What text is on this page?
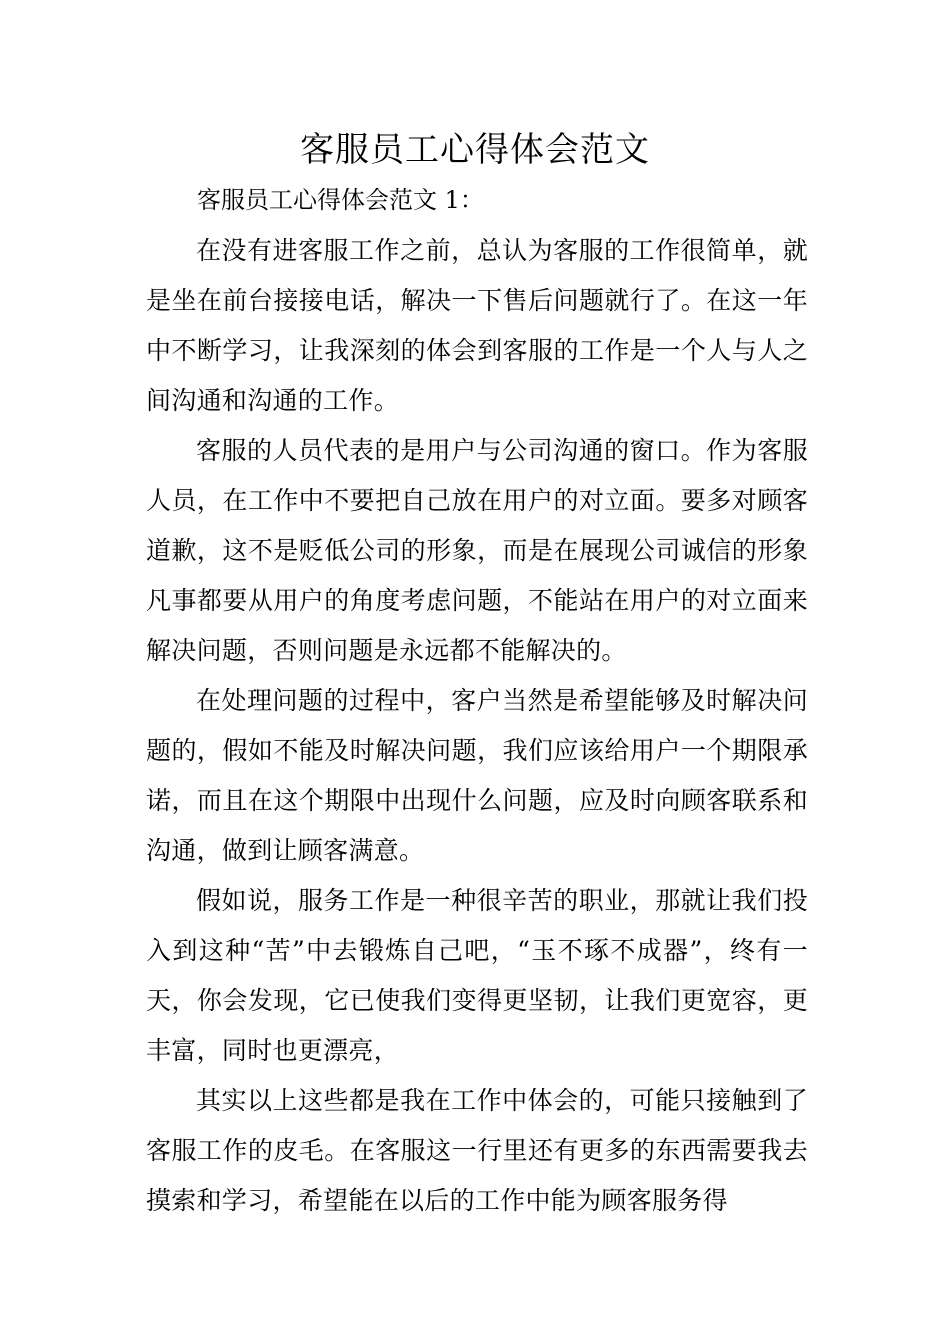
客服员工心得体会范文
客服员工心得体会范文 1：

在没有进客服工作之前，总认为客服的工作很简单，就是坐在前台接接电话，解决一下售后问题就行了。在这一年中不断学习，让我深刻的体会到客服的工作是一个人与人之间沟通和沟通的工作。

客服的人员代表的是用户与公司沟通的窗口。作为客服人员，在工作中不要把自己放在用户的对立面。要多对顾客道歉，这不是贬低公司的形象，而是在展现公司诚信的形象凡事都要从用户的角度考虑问题，不能站在用户的对立面来解决问题，否则问题是永远都不能解决的。

在处理问题的过程中，客户当然是希望能够及时解决问题的，假如不能及时解决问题，我们应该给用户一个期限承诺，而且在这个期限中出现什么问题，应及时向顾客联系和沟通，做到让顾客满意。

假如说，服务工作是一种很辛苦的职业，那就让我们投入到这种“苦”中去锻炼自己吧，“玉不琢不成器”，终有一天，你会发现，它已使我们变得更坚韧，让我们更宽容，更丰富，同时也更漂亮，

其实以上这些都是我在工作中体会的，可能只接触到了客服工作的皮毛。在客服这一行里还有更多的东西需要我去摸索和学习，希望能在以后的工作中能为顾客服务得
